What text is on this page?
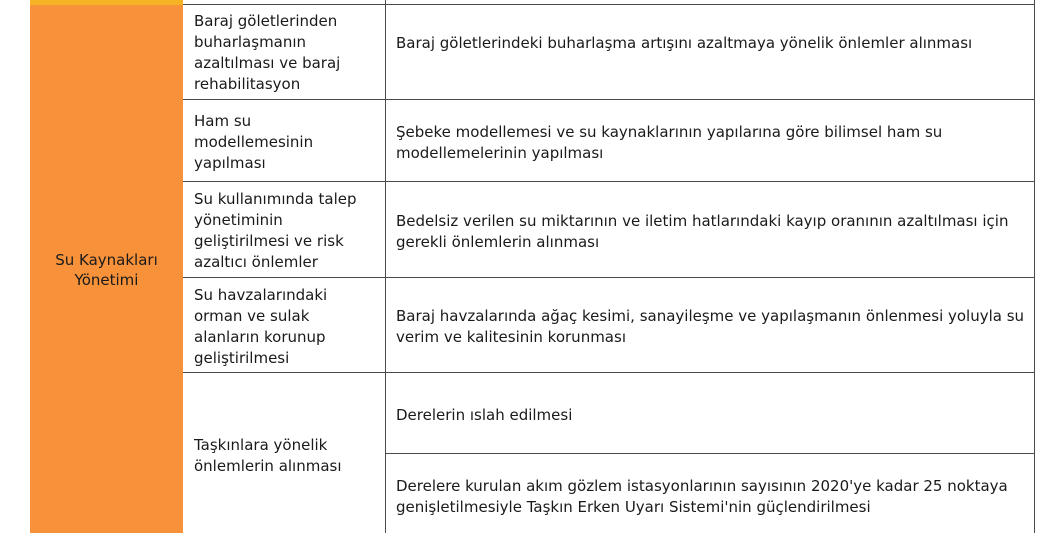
Su Kaynakları Yönetimi
Baraj göletlerinden buharlaşmanın azaltılması ve baraj rehabilitasyon
Baraj göletlerindeki buharlaşma artışını azaltmaya yönelik önlemler alınması
Ham su modellemesinin yapılması
Şebeke modellemesi ve su kaynaklarının yapılarına göre bilimsel ham su modellemelerinin yapılması
Su kullanımında talep yönetiminin geliştirilmesi ve risk azaltıcı önlemler
Bedelsiz verilen su miktarının ve iletim hatlarındaki kayıp oranının azaltılması için gerekli önlemlerin alınması
Su havzalarındaki orman ve sulak alanların korunup geliştirilmesi
Baraj havzalarında ağaç kesimi, sanayileşme ve yapılaşmanın önlenmesi yoluyla su verim ve kalitesinin korunması
Taşkınlara yönelik önlemlerin alınması
Derelerin ıslah edilmesi
Derelere kurulan akım gözlem istasyonlarının sayısının 2020'ye kadar 25 noktaya genişletilmesiyle Taşkın Erken Uyarı Sistemi'nin güçlendirilmesi
